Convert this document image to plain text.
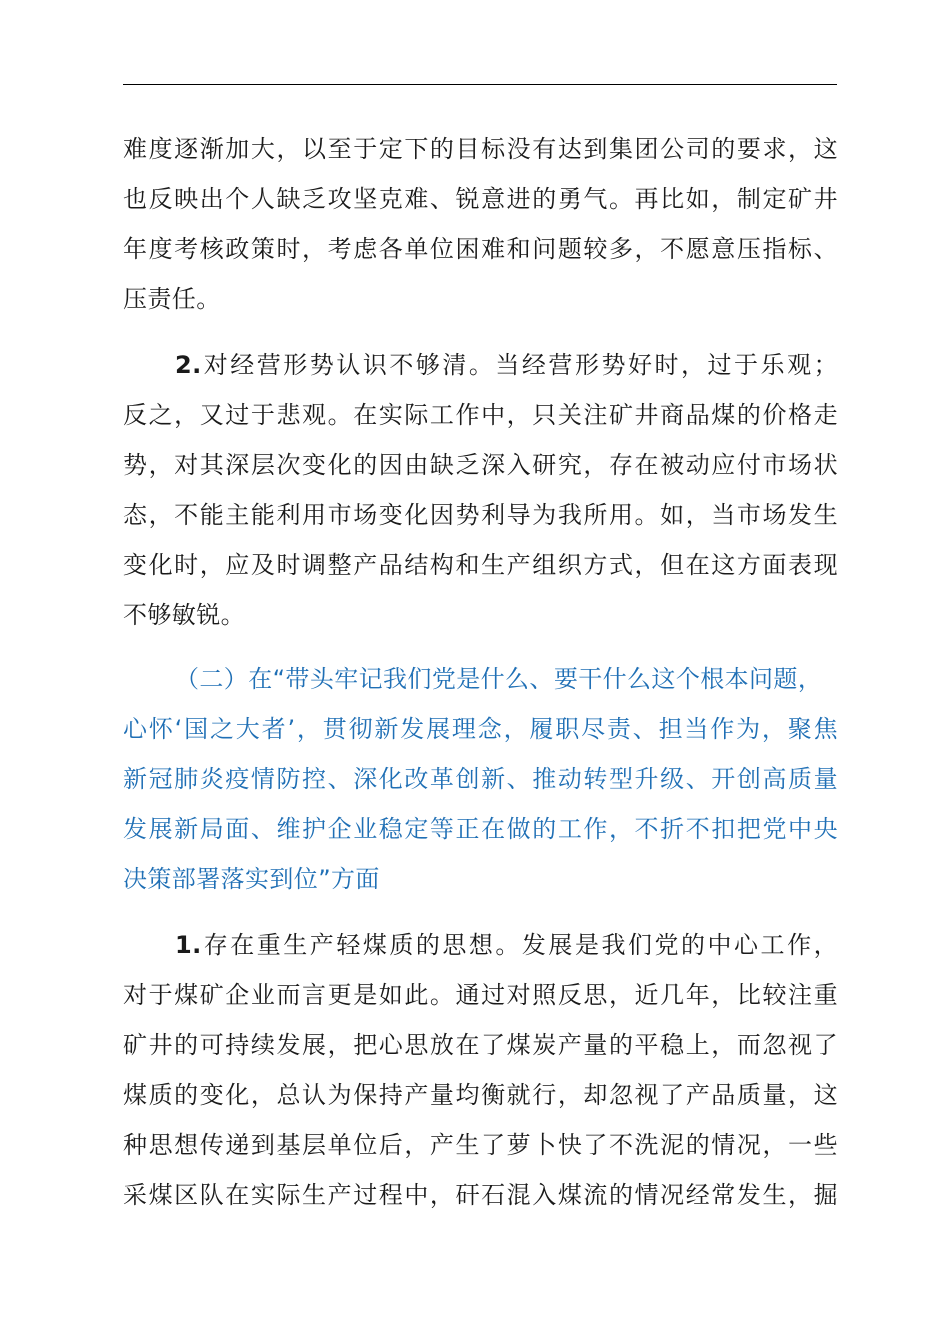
难度逐渐加大，以至于定下的目标没有达到集团公司的要求，这
也反映出个人缺乏攻坚克难、锐意进的勇气。再比如，制定矿井
年度考核政策时，考虑各单位困难和问题较多，不愿意压指标、
压责任。
2.对经营形势认识不够清。当经营形势好时，过于乐观；
反之，又过于悲观。在实际工作中，只关注矿井商品煤的价格走
势，对其深层次变化的因由缺乏深入研究，存在被动应付市场状
态，不能主能利用市场变化因势利导为我所用。如，当市场发生
变化时，应及时调整产品结构和生产组织方式，但在这方面表现
不够敏锐。
（二）在“带头牢记我们党是什么、要干什么这个根本问题，
心怀‘国之大者’，贯彻新发展理念，履职尽责、担当作为，聚焦
新冠肺炎疫情防控、深化改革创新、推动转型升级、开创高质量
发展新局面、维护企业稳定等正在做的工作，不折不扣把党中央
决策部署落实到位”方面
1.存在重生产轻煤质的思想。发展是我们党的中心工作，
对于煤矿企业而言更是如此。通过对照反思，近几年，比较注重
矿井的可持续发展，把心思放在了煤炭产量的平稳上，而忽视了
煤质的变化，总认为保持产量均衡就行，却忽视了产品质量，这
种思想传递到基层单位后，产生了萝卜快了不洗泥的情况，一些
采煤区队在实际生产过程中，矸石混入煤流的情况经常发生，掘
